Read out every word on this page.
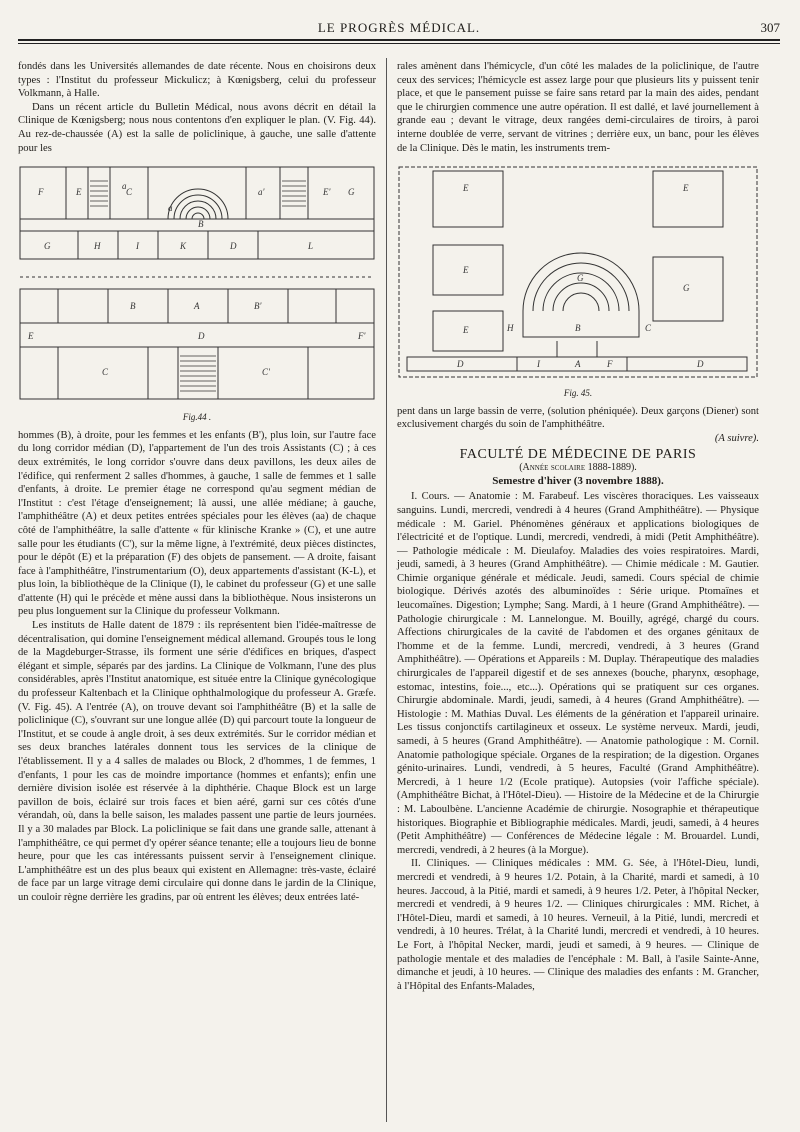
LE PROGRÈS MÉDICAL.	307

fondés dans les Universités allemandes de date récente. Nous en choisirons deux types : l'Institut du professeur Mickulicz; à Kœnigsberg, celui du professeur Volkmann, à Halle.

Dans un récent article du Bulletin Médical, nous avons décrit en détail la Clinique de Kœnigsberg; nous nous contentons d'en expliquer le plan. (V. Fig. 44). Au rez-de-chaussée (A) est la salle de policlinique, à gauche, une salle d'attente pour les

F	E
a
a
a'	E' G
B
C
G	H	I	K	D	L
B	A	B'
E	D	F'
C	C'
Fig.44 .

hommes (B), à droite, pour les femmes et les enfants (B'), plus loin, sur l'autre face du long corridor médian (D), l'appartement de l'un des trois Assistants (C) ; à ces deux extrémités, le long corridor s'ouvre dans deux pavillons, les deux ailes de l'édifice, qui renferment 2 salles d'hommes, à gauche, 1 salle de femmes et 1 salle d'enfants, à droite. Le premier étage ne correspond qu'au segment médian de l'Institut : c'est l'étage d'enseignement; là aussi, une allée médiane; à gauche, l'amphithéâtre (A) et deux petites entrées spéciales pour les élèves (aa) de chaque côté de l'amphithéâtre, la salle d'attente « für klinische Kranke » (C), et une autre salle pour les étudiants (C'), sur la même ligne, à l'extrémité, deux pièces distinctes, pour le dépôt (E) et la préparation (F) des objets de pansement. — A droite, faisant face à l'amphithéâtre, l'instrumentarium (O), deux appartements d'assistant (K-L), et plus loin, la bibliothèque de la Clinique (I), le cabinet du professeur (G) et une salle d'attente (H) qui le précède et mène aussi dans la bibliothèque. Nous insisterons un peu plus longuement sur la Clinique du professeur Volkmann.

Les instituts de Halle datent de 1879 : ils représentent bien l'idée-maîtresse de décentralisation, qui domine l'enseignement médical allemand. Groupés tous le long de la Magdeburger-Strasse, ils forment une série d'édifices en briques, d'aspect élégant et simple, séparés par des jardins. La Clinique de Volkmann, l'une des plus considérables, après l'Institut anatomique, est située entre la Clinique gynécologique du professeur Kaltenbach et la Clinique ophthalmologique du professeur A. Græfe. (V. Fig. 45). A l'entrée (A), on trouve devant soi l'amphithéâtre (B) et la salle de policlinique (C), s'ouvrant sur une longue allée (D) qui parcourt toute la longueur de l'Institut, et se coude à angle droit, à ses deux extrémités. Sur le corridor médian et ses deux branches latérales donnent tous les services de la clinique de l'établissement. Il y a 4 salles de malades ou Block, 2 d'hommes, 1 de femmes, 1 d'enfants, 1 pour les cas de moindre importance (hommes et enfants); enfin une dernière division isolée est réservée à la diphthérie. Chaque Block est un large pavillon de bois, éclairé sur trois faces et bien aéré, garni sur ces côtés d'une vérandah, où, dans la belle saison, les malades passent une partie de leurs journées. Il y a 30 malades par Block. La policlinique se fait dans une grande salle, attenant à l'amphithéâtre, ce qui permet d'y opérer séance tenante; elle a toujours lieu de bonne heure, pour que les cas intéressants puissent servir à l'enseignement clinique. L'amphithéâtre est un des plus beaux qui existent en Allemagne: très-vaste, éclairé de face par un large vitrage demi circulaire qui donne dans le jardin de la Clinique, un couloir règne derrière les gradins, par où entrent les élèves; deux entrées laté-

rales amènent dans l'hémicycle, d'un côté les malades de la policlinique, de l'autre ceux des services; l'hémicycle est assez large pour que plusieurs lits y puissent tenir place, et que le pansement puisse se faire sans retard par la main des aides, pendant que le chirurgien commence une autre opération. Il est dallé, et lavé journellement à grande eau ; devant le vitrage, deux rangées demi-circulaires de tiroirs, à paroi interne doublée de verre, servant de vitrines ; derrière eux, un banc, pour les élèves de la Clinique. Dès le matin, les instruments trem-

E	E
E
E
G
G
H	B	C
D	A	F
I	D
Fig. 45.

pent dans un large bassin de verre, (solution phéniquée). Deux garçons (Diener) sont exclusivement chargés du soin de l'amphithéâtre.

(A suivre).

FACULTÉ DE MÉDECINE DE PARIS
(Année scolaire 1888-1889).
Semestre d'hiver (3 novembre 1888).

I. Cours. — Anatomie : M. Farabeuf. Les viscères thoraciques. Les vaisseaux sanguins. Lundi, mercredi, vendredi à 4 heures (Grand Amphithéâtre). — Physique médicale : M. Gariel. Phénomènes généraux et applications biologiques de l'électricité et de l'optique. Lundi, mercredi, vendredi, à midi (Petit Amphithéâtre). — Pathologie médicale : M. Dieulafoy. Maladies des voies respiratoires. Mardi, jeudi, samedi, à 3 heures (Grand Amphithéâtre). — Chimie médicale : M. Gautier. Chimie organique générale et médicale. Jeudi, samedi. Cours spécial de chimie biologique. Dérivés azotés des albuminoïdes : Série urique. Ptomaïnes et leucomaïnes. Digestion; Lymphe; Sang. Mardi, à 1 heure (Grand Amphithéâtre). — Pathologie chirurgicale : M. Lannelongue. M. Bouilly, agrégé, chargé du cours. Affections chirurgicales de la cavité de l'abdomen et des organes génitaux de l'homme et de la femme. Lundi, mercredi, vendredi, à 3 heures (Grand Amphithéâtre). — Opérations et Appareils : M. Duplay. Thérapeutique des maladies chirurgicales de l'appareil digestif et de ses annexes (bouche, pharynx, œsophage, estomac, intestins, foie..., etc...). Opérations qui se pratiquent sur ces organes. Chirurgie abdominale. Mardi, jeudi, samedi, à 4 heures (Grand Amphithéâtre). — Histologie : M. Mathias Duval. Les éléments de la génération et l'appareil urinaire. Les tissus conjonctifs cartilagineux et osseux. Le système nerveux. Mardi, jeudi, samedi, à 5 heures (Grand Amphithéâtre). — Anatomie pathologique : M. Cornil. Anatomie pathologique spéciale. Organes de la respiration; de la digestion. Organes génito-urinaires. Lundi, vendredi, à 5 heures, Faculté (Grand Amphithéâtre). Mercredi, à 1 heure 1/2 (Ecole pratique). Autopsies (voir l'affiche spéciale). (Amphithéâtre Bichat, à l'Hôtel-Dieu). — Histoire de la Médecine et de la Chirurgie : M. Laboulbène. L'ancienne Académie de chirurgie. Nosographie et thérapeutique historiques. Biographie et Bibliographie médicales. Mardi, jeudi, samedi, à 4 heures (Petit Amphithéâtre) — Conférences de Médecine légale : M. Brouardel. Lundi, mercredi, vendredi, à 2 heures (à la Morgue).

II. Cliniques. — Cliniques médicales : MM. G. Sée, à l'Hôtel-Dieu, lundi, mercredi et vendredi, à 9 heures 1/2. Potain, à la Charité, mardi et samedi, à 10 heures. Jaccoud, à la Pitié, mardi et samedi, à 9 heures 1/2. Peter, à l'hôpital Necker, mercredi et vendredi, à 9 heures 1/2. — Cliniques chirurgicales : MM. Richet, à l'Hôtel-Dieu, mardi et samedi, à 10 heures. Verneuil, à la Pitié, lundi, mercredi et vendredi, à 10 heures. Trélat, à la Charité lundi, mercredi et vendredi, à 10 heures. Le Fort, à l'hôpital Necker, mardi, jeudi et samedi, à 9 heures. — Clinique de pathologie mentale et des maladies de l'encéphale : M. Ball, à l'asile Sainte-Anne, dimanche et jeudi, à 10 heures. — Clinique des maladies des enfants : M. Grancher, à l'Hôpital des Enfants-Malades,
